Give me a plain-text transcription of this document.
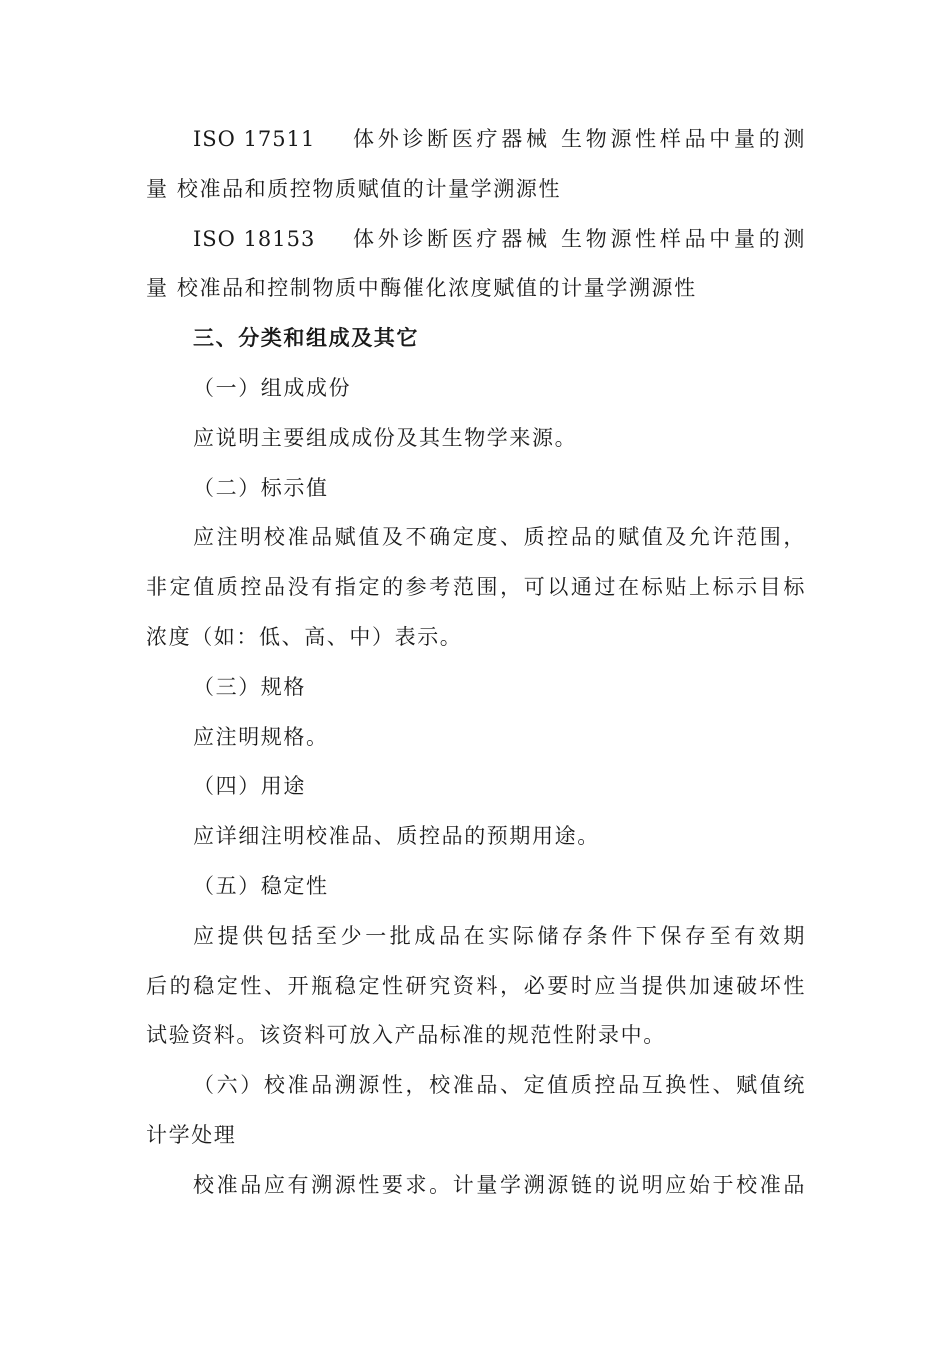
ISO 17511 体外诊断医疗器械 生物源性样品中量的测
量 校准品和质控物质赋值的计量学溯源性
ISO 18153 体外诊断医疗器械 生物源性样品中量的测
量 校准品和控制物质中酶催化浓度赋值的计量学溯源性
三、分类和组成及其它
（一）组成成份
应说明主要组成成份及其生物学来源。
（二）标示值
应注明校准品赋值及不确定度、质控品的赋值及允许范围，
非定值质控品没有指定的参考范围，可以通过在标贴上标示目标
浓度（如：低、高、中）表示。
（三）规格
应注明规格。
（四）用途
应详细注明校准品、质控品的预期用途。
（五）稳定性
应提供包括至少一批成品在实际储存条件下保存至有效期
后的稳定性、开瓶稳定性研究资料，必要时应当提供加速破坏性
试验资料。该资料可放入产品标准的规范性附录中。
（六）校准品溯源性，校准品、定值质控品互换性、赋值统
计学处理
校准品应有溯源性要求。计量学溯源链的说明应始于校准品
